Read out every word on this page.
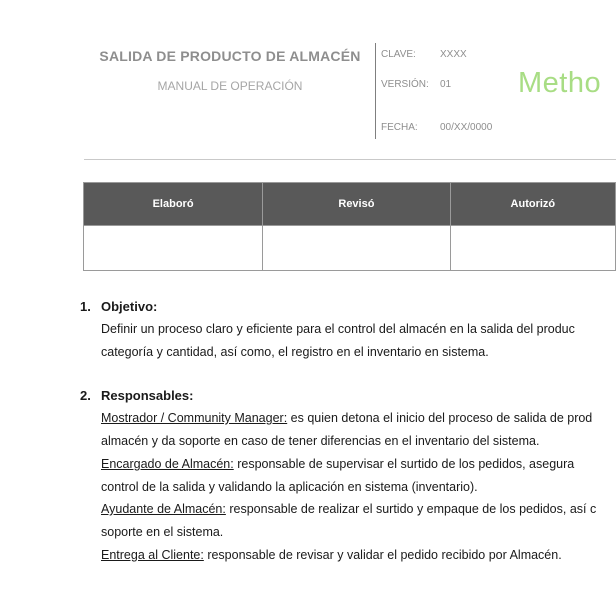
SALIDA DE PRODUCTO DE ALMACÉN
MANUAL DE OPERACIÓN
CLAVE: XXXX
VERSIÓN: 01
FECHA: 00/XX/0000
Metho
Elaboró	Revisó	Autorizó

1. Objetivo:
Definir un proceso claro y eficiente para el control del almacén en la salida del produc
categoría y cantidad, así como, el registro en el inventario en sistema.
2. Responsables:
Mostrador / Community Manager: es quien detona el inicio del proceso de salida de prod
almacén y da soporte en caso de tener diferencias en el inventario del sistema.
Encargado de Almacén: responsable de supervisar el surtido de los pedidos, asegura
control de la salida y validando la aplicación en sistema (inventario).
Ayudante de Almacén: responsable de realizar el surtido y empaque de los pedidos, así c
soporte en el sistema.
Entrega al Cliente: responsable de revisar y validar el pedido recibido por Almacén.
